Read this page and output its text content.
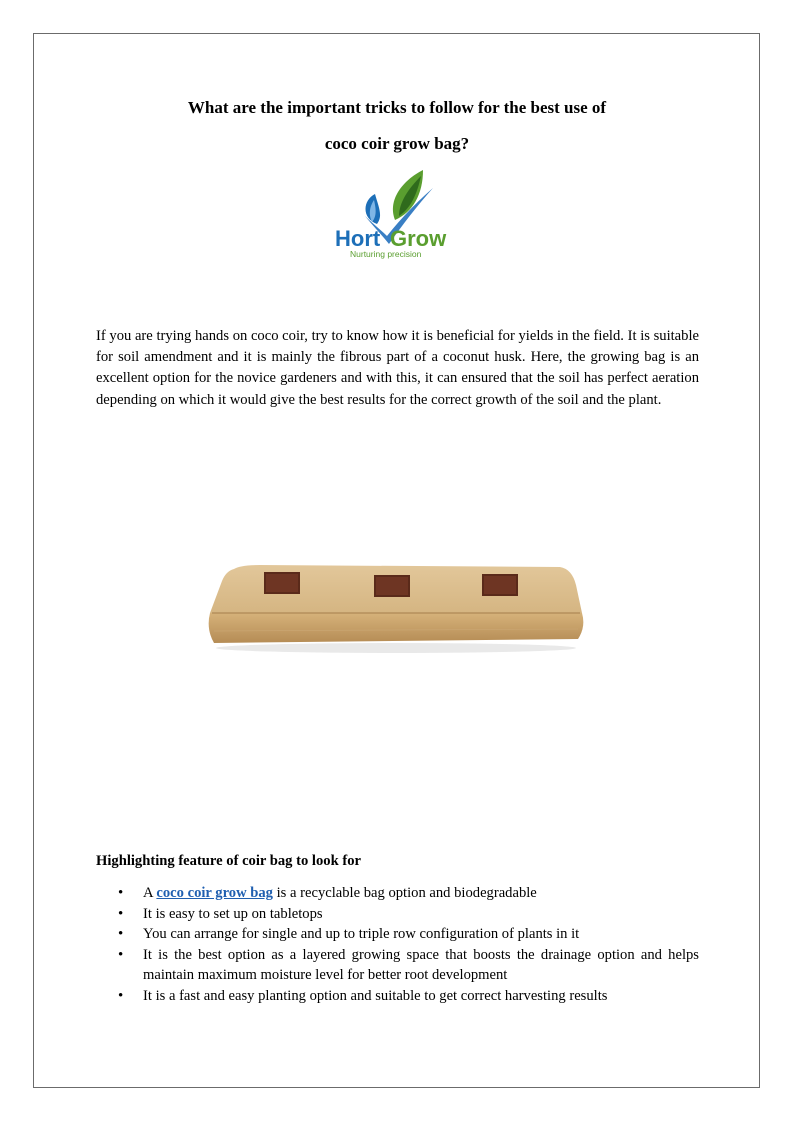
What are the important tricks to follow for the best use of
coco coir grow bag?
Hort Grow
Nurturing precision

If you are trying hands on coco coir, try to know how it is beneficial for yields in the field. It is suitable for soil amendment and it is mainly the fibrous part of a coconut husk. Here, the growing bag is an excellent option for the novice gardeners and with this, it can ensured that the soil has perfect aeration depending on which it would give the best results for the correct growth of the soil and the plant.

Highlighting feature of coir bag to look for

• A coco coir grow bag is a recyclable bag option and biodegradable
• It is easy to set up on tabletops
• You can arrange for single and up to triple row configuration of plants in it
• It is the best option as a layered growing space that boosts the drainage option and helps maintain maximum moisture level for better root development
• It is a fast and easy planting option and suitable to get correct harvesting results
